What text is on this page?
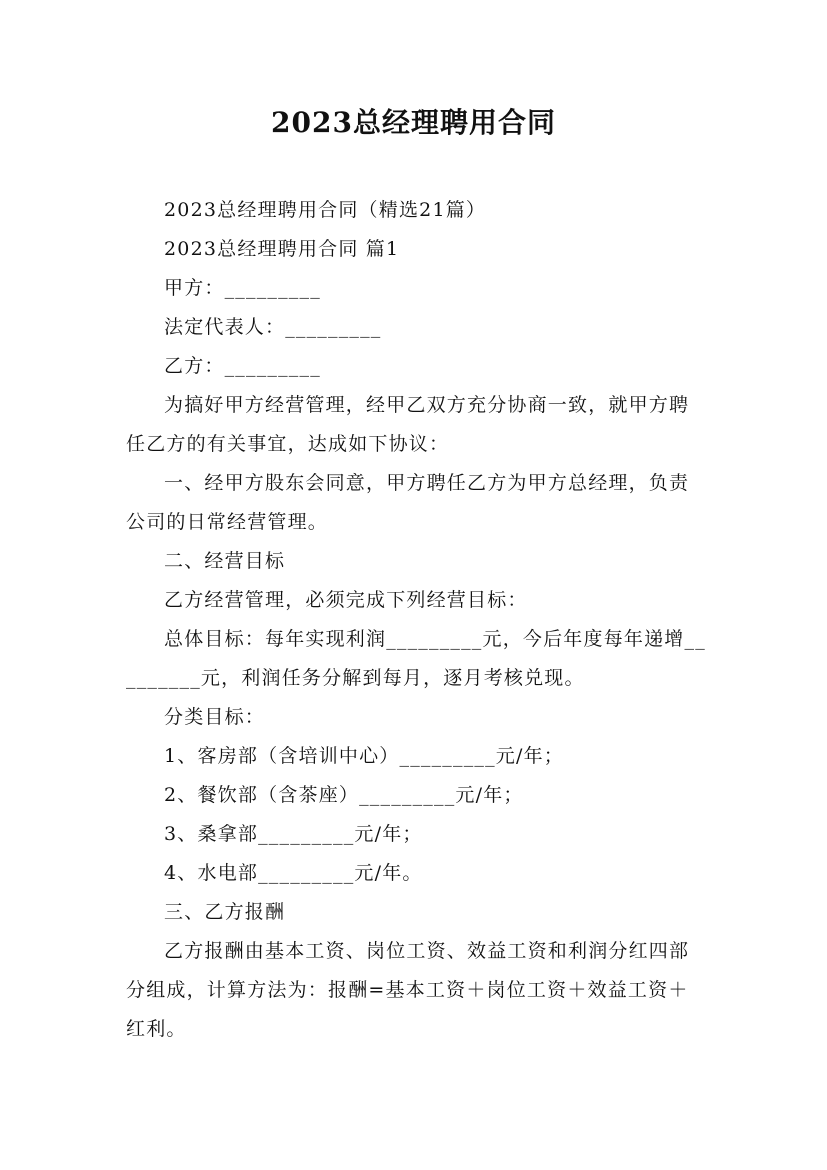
2023总经理聘用合同

2023总经理聘用合同（精选21篇）

2023总经理聘用合同 篇1

甲方：_________

法定代表人：_________

乙方：_________

为搞好甲方经营管理，经甲乙双方充分协商一致，就甲方聘任乙方的有关事宜，达成如下协议：

一、经甲方股东会同意，甲方聘任乙方为甲方总经理，负责公司的日常经营管理。

二、经营目标

乙方经营管理，必须完成下列经营目标：

总体目标：每年实现利润_________元，今后年度每年递增_________元，利润任务分解到每月，逐月考核兑现。

分类目标：

1、客房部（含培训中心）_________元/年；

2、餐饮部（含茶座）_________元/年；

3、桑拿部_________元/年；

4、水电部_________元/年。

三、乙方报酬

乙方报酬由基本工资、岗位工资、效益工资和利润分红四部分组成，计算方法为：报酬=基本工资＋岗位工资＋效益工资＋红利。
